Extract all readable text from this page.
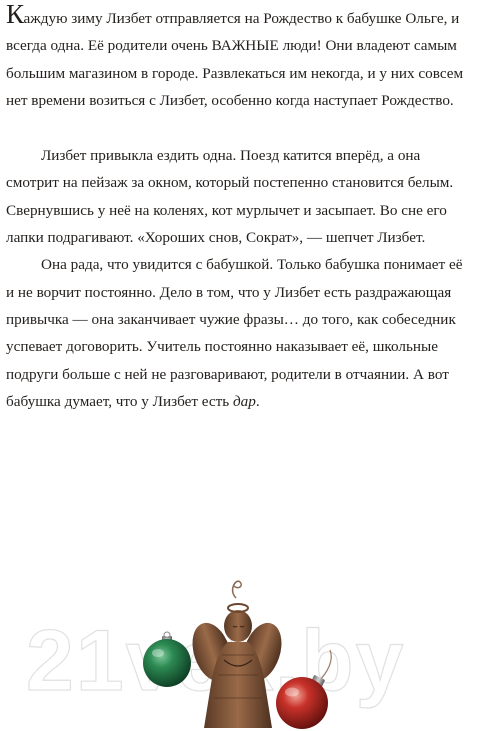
Каждую зиму Лизбет отправляется на Рождество к бабушке Ольге, и всегда одна. Её родители очень ВАЖНЫЕ люди! Они владеют самым большим магазином в городе. Развлекаться им некогда, и у них совсем нет времени возиться с Лизбет, особенно когда наступает Рождество.

Лизбет привыкла ездить одна. Поезд катится вперёд, а она смотрит на пейзаж за окном, который постепенно становится белым. Свернувшись у неё на коленях, кот мурлычет и засыпает. Во сне его лапки подрагивают. «Хороших снов, Сократ», — шепчет Лизбет.

Она рада, что увидится с бабушкой. Только бабушка понимает её и не ворчит постоянно. Дело в том, что у Лизбет есть раздражающая привычка — она заканчивает чужие фразы… до того, как собеседник успевает договорить. Учитель постоянно наказывает её, школьные подруги больше с ней не разговаривают, родители в отчаянии. А вот бабушка думает, что у Лизбет есть дар.
